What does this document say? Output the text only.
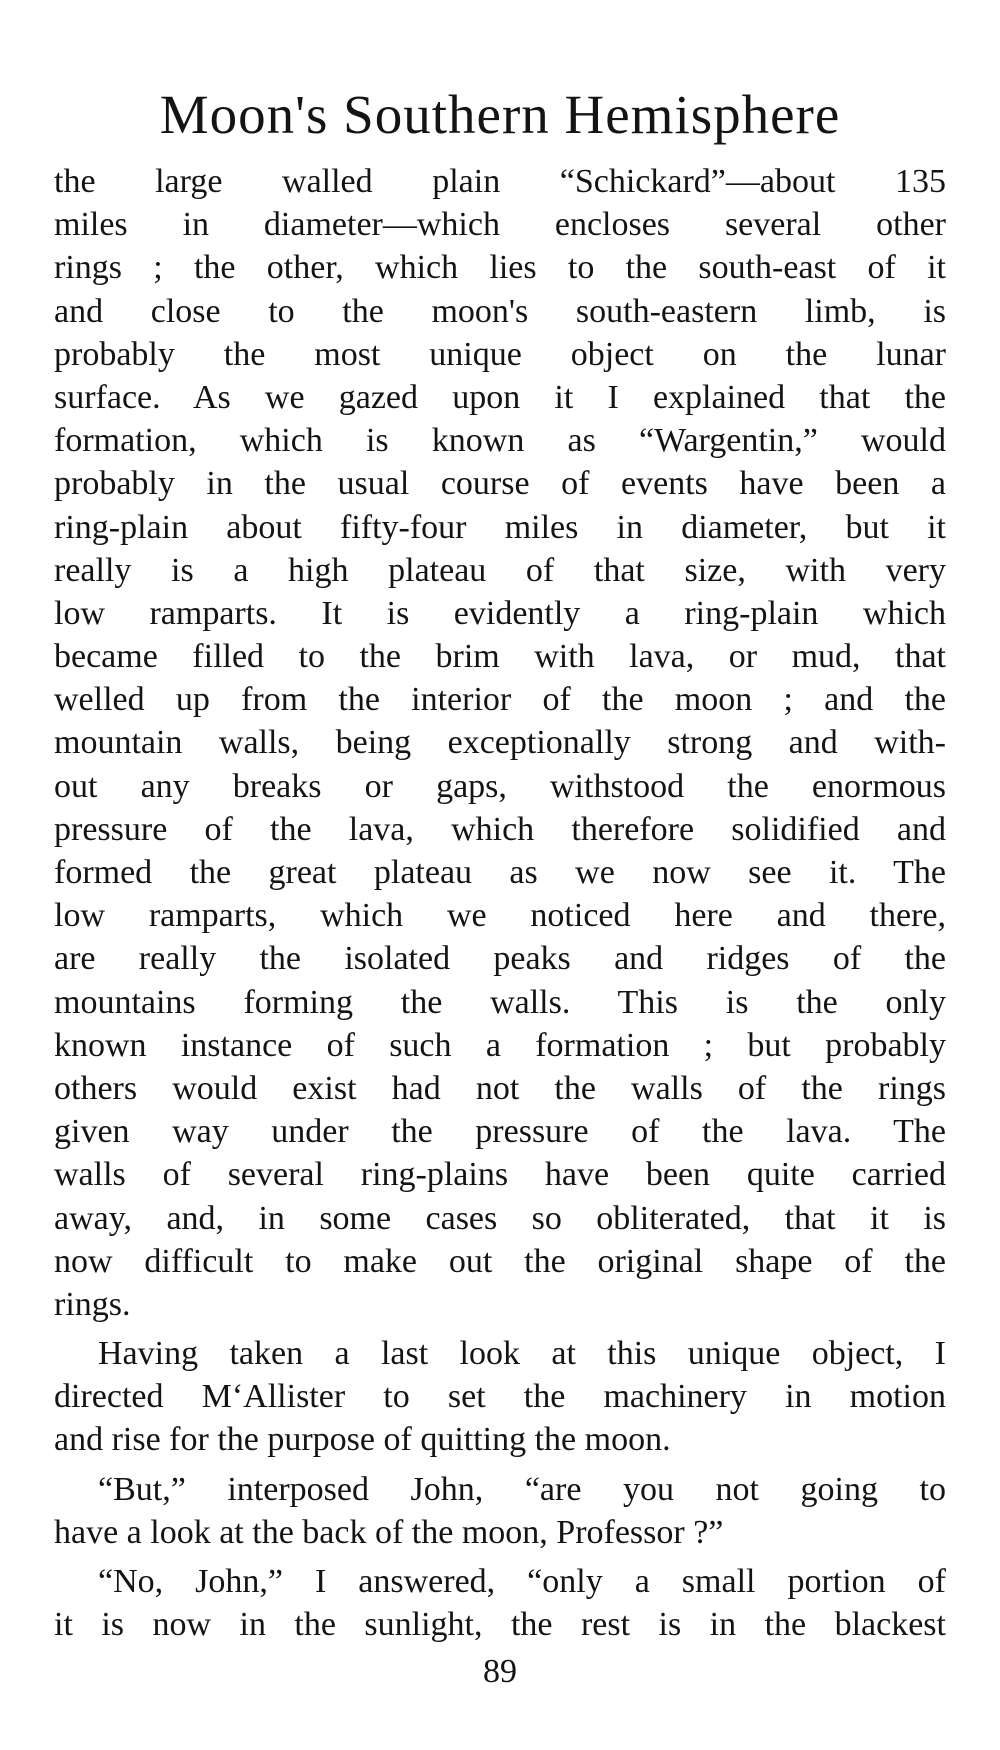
Moon's Southern Hemisphere
the large walled plain “Schickard”—about 135
miles in diameter—which encloses several other
rings ; the other, which lies to the south-east of it
and close to the moon's south-eastern limb, is
probably the most unique object on the lunar
surface. As we gazed upon it I explained that the
formation, which is known as “Wargentin,” would
probably in the usual course of events have been a
ring-plain about fifty-four miles in diameter, but it
really is a high plateau of that size, with very
low ramparts. It is evidently a ring-plain which
became filled to the brim with lava, or mud, that
welled up from the interior of the moon ; and the
mountain walls, being exceptionally strong and with-
out any breaks or gaps, withstood the enormous
pressure of the lava, which therefore solidified and
formed the great plateau as we now see it. The
low ramparts, which we noticed here and there,
are really the isolated peaks and ridges of the
mountains forming the walls. This is the only
known instance of such a formation ; but probably
others would exist had not the walls of the rings
given way under the pressure of the lava. The
walls of several ring-plains have been quite carried
away, and, in some cases so obliterated, that it is
now difficult to make out the original shape of the
rings.
Having taken a last look at this unique object, I
directed M‘Allister to set the machinery in motion
and rise for the purpose of quitting the moon.
“But,” interposed John, “are you not going to
have a look at the back of the moon, Professor ?”
“No, John,” I answered, “only a small portion of
it is now in the sunlight, the rest is in the blackest
89
